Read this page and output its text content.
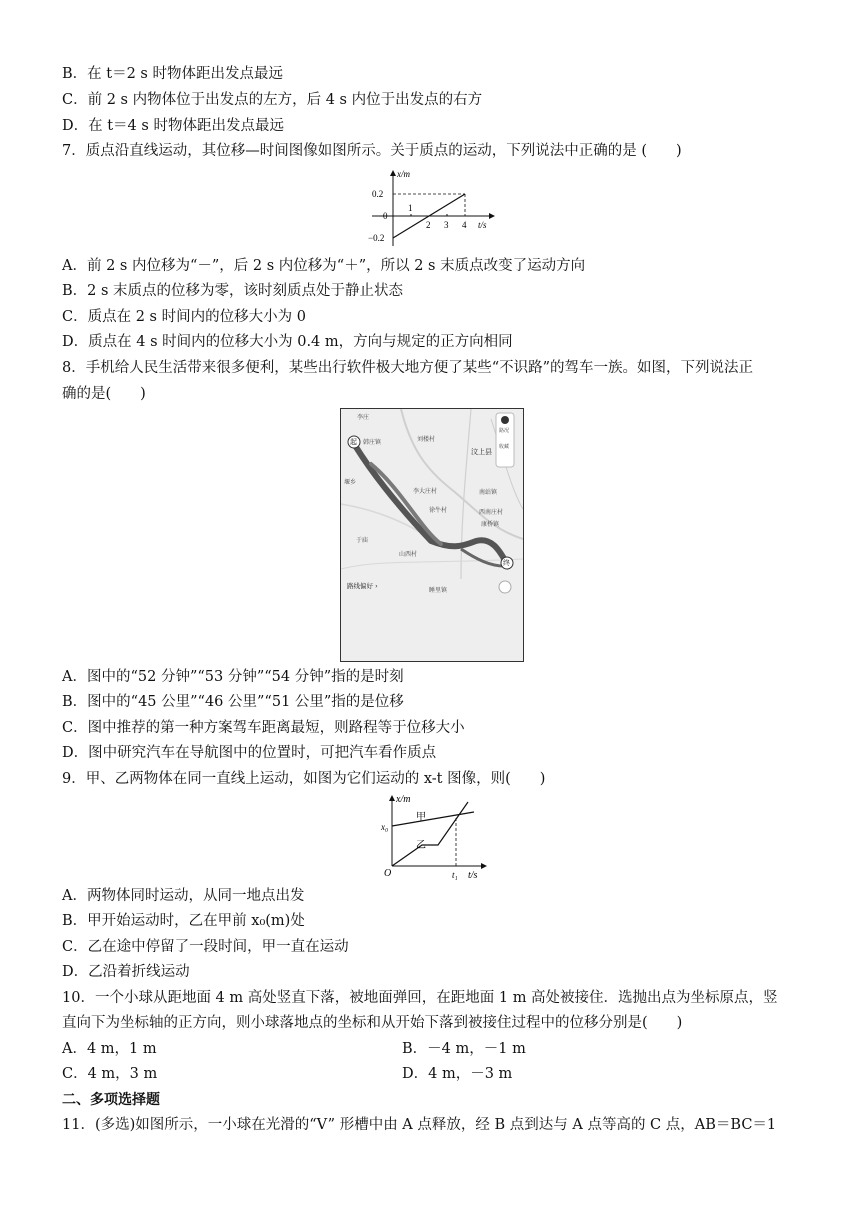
B．在 t＝2 s 时物体距出发点最远
C．前 2 s 内物体位于出发点的左方，后 4 s 内位于出发点的右方
D．在 t＝4 s 时物体距出发点最远
7．质点沿直线运动，其位移—时间图像如图所示。关于质点的运动，下列说法中正确的是 (　　)
x/m
t/s
0.2
0
−0.2
1
2 3 4
A．前 2 s 内位移为“－”，后 2 s 内位移为“＋”，所以 2 s 末质点改变了运动方向
B．2 s 末质点的位移为零，该时刻质点处于静止状态
C．质点在 2 s 时间内的位移大小为 0
D．质点在 4 s 时间内的位移大小为 0.4 m，方向与规定的正方向相同
8．手机给人民生活带来很多便利，某些出行软件极大地方便了某些“不识路”的驾车一族。如图，下列说法正
确的是(　　)
起
终
路况
收藏
李庄
韩庄镇	刘楼村
汶上县
堰乡
李大庄村	南站镇
徐牛村	西南庄村
康桥镇
于庙
山西村
睡里镇
路线偏好 ›
A．图中的“52 分钟”“53 分钟”“54 分钟”指的是时刻
B．图中的“45 公里”“46 公里”“51 公里”指的是位移
C．图中推荐的第一种方案驾车距离最短，则路程等于位移大小
D．图中研究汽车在导航图中的位置时，可把汽车看作质点
9．甲、乙两物体在同一直线上运动，如图为它们运动的 x-t 图像，则(　　)
x/m
x₀
甲
乙
O	t₁ t/s
A．两物体同时运动，从同一地点出发
B．甲开始运动时，乙在甲前 x₀(m)处
C．乙在途中停留了一段时间，甲一直在运动
D．乙沿着折线运动
10．一个小球从距地面 4 m 高处竖直下落，被地面弹回，在距地面 1 m 高处被接住．选抛出点为坐标原点，竖
直向下为坐标轴的正方向，则小球落地点的坐标和从开始下落到被接住过程中的位移分别是(　　)
A．4 m，1 m	B．－4 m，－1 m
C．4 m，3 m	D．4 m，－3 m
二、多项选择题
11．(多选)如图所示，一小球在光滑的“V” 形槽中由 A 点释放，经 B 点到达与 A 点等高的 C 点，AB＝BC＝1
